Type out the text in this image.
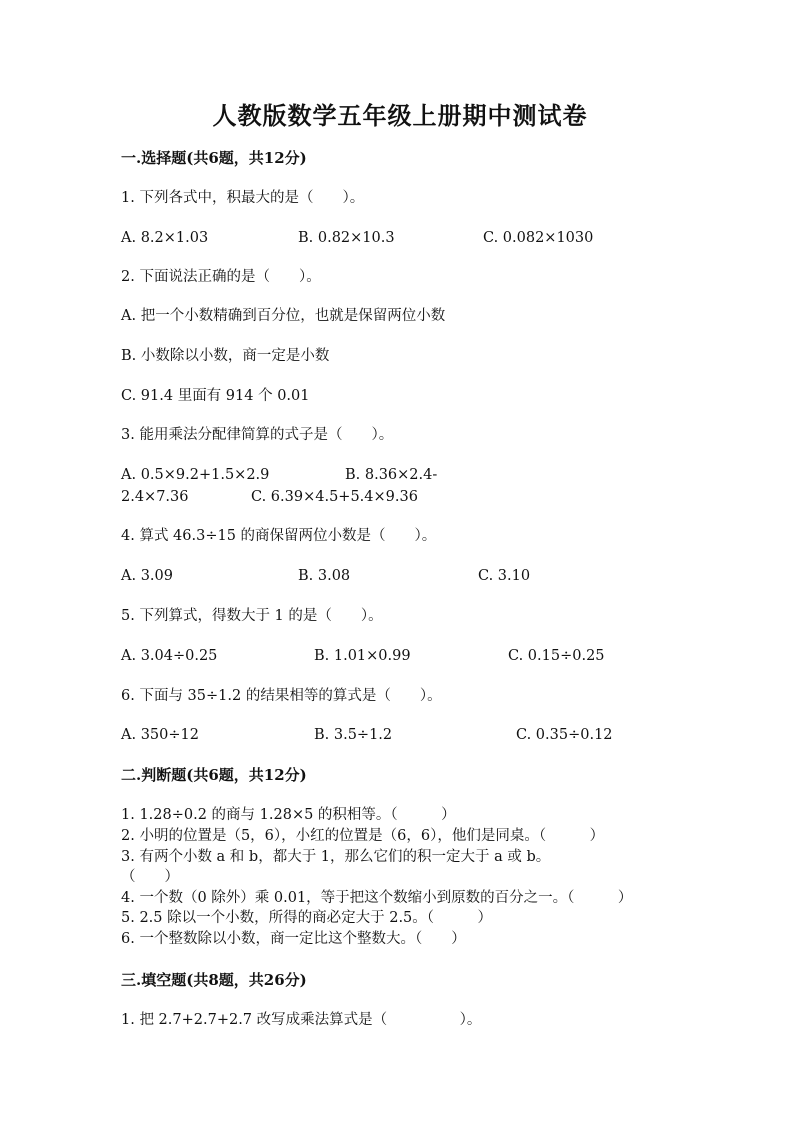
人教版数学五年级上册期中测试卷
一.选择题(共6题，共12分)
1. 下列各式中，积最大的是（　　）。
A. 8.2×1.03	B. 0.82×10.3	C. 0.082×1030
2. 下面说法正确的是（　　）。
A. 把一个小数精确到百分位，也就是保留两位小数
B. 小数除以小数，商一定是小数
C. 91.4 里面有 914 个 0.01
3. 能用乘法分配律简算的式子是（　　）。
A. 0.5×9.2+1.5×2.9	B. 8.36×2.4-
2.4×7.36	C. 6.39×4.5+5.4×9.36
4. 算式 46.3÷15 的商保留两位小数是（　　）。
A. 3.09	B. 3.08	C. 3.10
5. 下列算式，得数大于 1 的是（　　）。
A. 3.04÷0.25	B. 1.01×0.99	C. 0.15÷0.25
6. 下面与 35÷1.2 的结果相等的算式是（　　）。
A. 350÷12	B. 3.5÷1.2	C. 0.35÷0.12
二.判断题(共6题，共12分)
1. 1.28÷0.2 的商与 1.28×5 的积相等。（　　　）
2. 小明的位置是（5，6），小红的位置是（6，6），他们是同桌。（　　　）
3. 有两个小数 a 和 b，都大于 1，那么它们的积一定大于 a 或 b。
（　　）
4. 一个数（0 除外）乘 0.01，等于把这个数缩小到原数的百分之一。（　　　）
5. 2.5 除以一个小数，所得的商必定大于 2.5。（　　　）
6. 一个整数除以小数，商一定比这个整数大。（　　）
三.填空题(共8题，共26分)
1. 把 2.7+2.7+2.7 改写成乘法算式是（　　　　　）。
